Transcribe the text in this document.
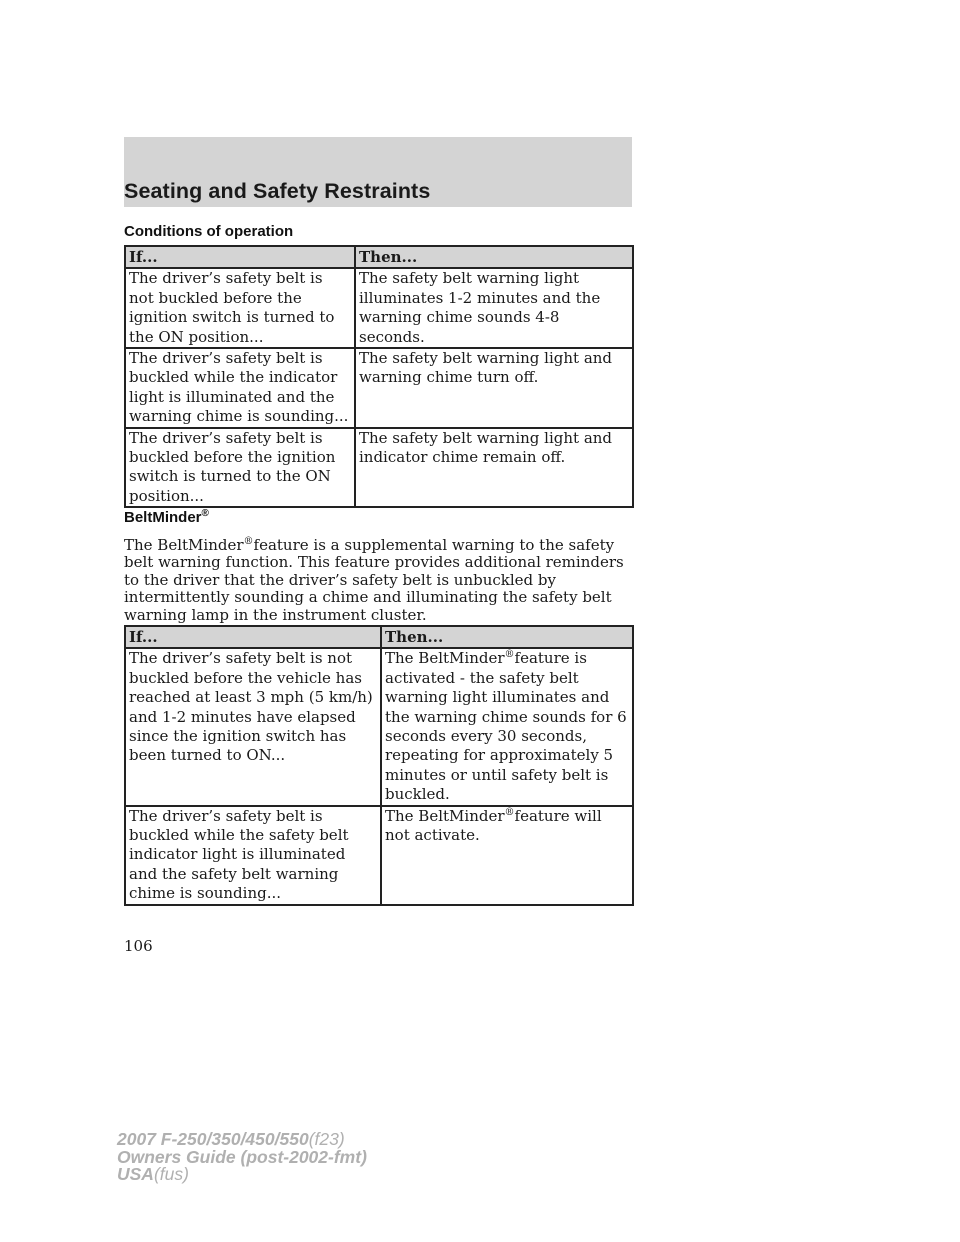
Seating and Safety Restraints
Conditions of operation
If...	Then...
The driver’s safety belt is not buckled before the ignition switch is turned to the ON position...	The safety belt warning light illuminates 1-2 minutes and the warning chime sounds 4-8 seconds.
The driver’s safety belt is buckled while the indicator light is illuminated and the warning chime is sounding...	The safety belt warning light and warning chime turn off.
The driver’s safety belt is buckled before the ignition switch is turned to the ON position...	The safety belt warning light and indicator chime remain off.
BeltMinder®

The BeltMinder®feature is a supplemental warning to the safety belt warning function. This feature provides additional reminders to the driver that the driver’s safety belt is unbuckled by intermittently sounding a chime and illuminating the safety belt warning lamp in the instrument cluster.

If...	Then...
The driver’s safety belt is not buckled before the vehicle has reached at least 3 mph (5 km/h) and 1-2 minutes have elapsed since the ignition switch has been turned to ON...	The BeltMinder®feature is activated - the safety belt warning light illuminates and the warning chime sounds for 6 seconds every 30 seconds, repeating for approximately 5 minutes or until safety belt is buckled.
The driver’s safety belt is buckled while the safety belt indicator light is illuminated and the safety belt warning chime is sounding...	The BeltMinder®feature will not activate.

106

2007 F-250/350/450/550(f23)
Owners Guide (post-2002-fmt)
USA(fus)
